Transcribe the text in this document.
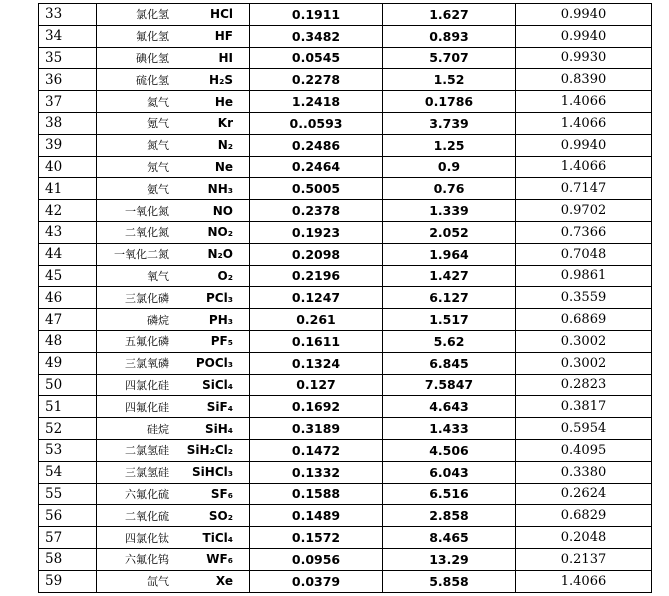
33	氯化氢 HCl	0.1911	1.627	0.9940
34	氟化氢 HF	0.3482	0.893	0.9940
35	碘化氢 HI	0.0545	5.707	0.9930
36	硫化氢 H₂S	0.2278	1.52	0.8390
37	氦气 He	1.2418	0.1786	1.4066
38	氪气 Kr	0..0593	3.739	1.4066
39	氮气 N₂	0.2486	1.25	0.9940
40	氖气 Ne	0.2464	0.9	1.4066
41	氨气 NH₃	0.5005	0.76	0.7147
42	一氧化氮 NO	0.2378	1.339	0.9702
43	二氧化氮 NO₂	0.1923	2.052	0.7366
44	一氧化二氮 N₂O	0.2098	1.964	0.7048
45	氧气 O₂	0.2196	1.427	0.9861
46	三氯化磷 PCl₃	0.1247	6.127	0.3559
47	磷烷 PH₃	0.261	1.517	0.6869
48	五氟化磷 PF₅	0.1611	5.62	0.3002
49	三氯氧磷 POCl₃	0.1324	6.845	0.3002
50	四氯化硅 SiCl₄	0.127	7.5847	0.2823
51	四氟化硅 SiF₄	0.1692	4.643	0.3817
52	硅烷 SiH₄	0.3189	1.433	0.5954
53	二氯氢硅 SiH₂Cl₂	0.1472	4.506	0.4095
54	三氯氢硅 SiHCl₃	0.1332	6.043	0.3380
55	六氟化硫 SF₆	0.1588	6.516	0.2624
56	二氧化硫 SO₂	0.1489	2.858	0.6829
57	四氯化钛 TiCl₄	0.1572	8.465	0.2048
58	六氟化钨 WF₆	0.0956	13.29	0.2137
59	氙气 Xe	0.0379	5.858	1.4066
